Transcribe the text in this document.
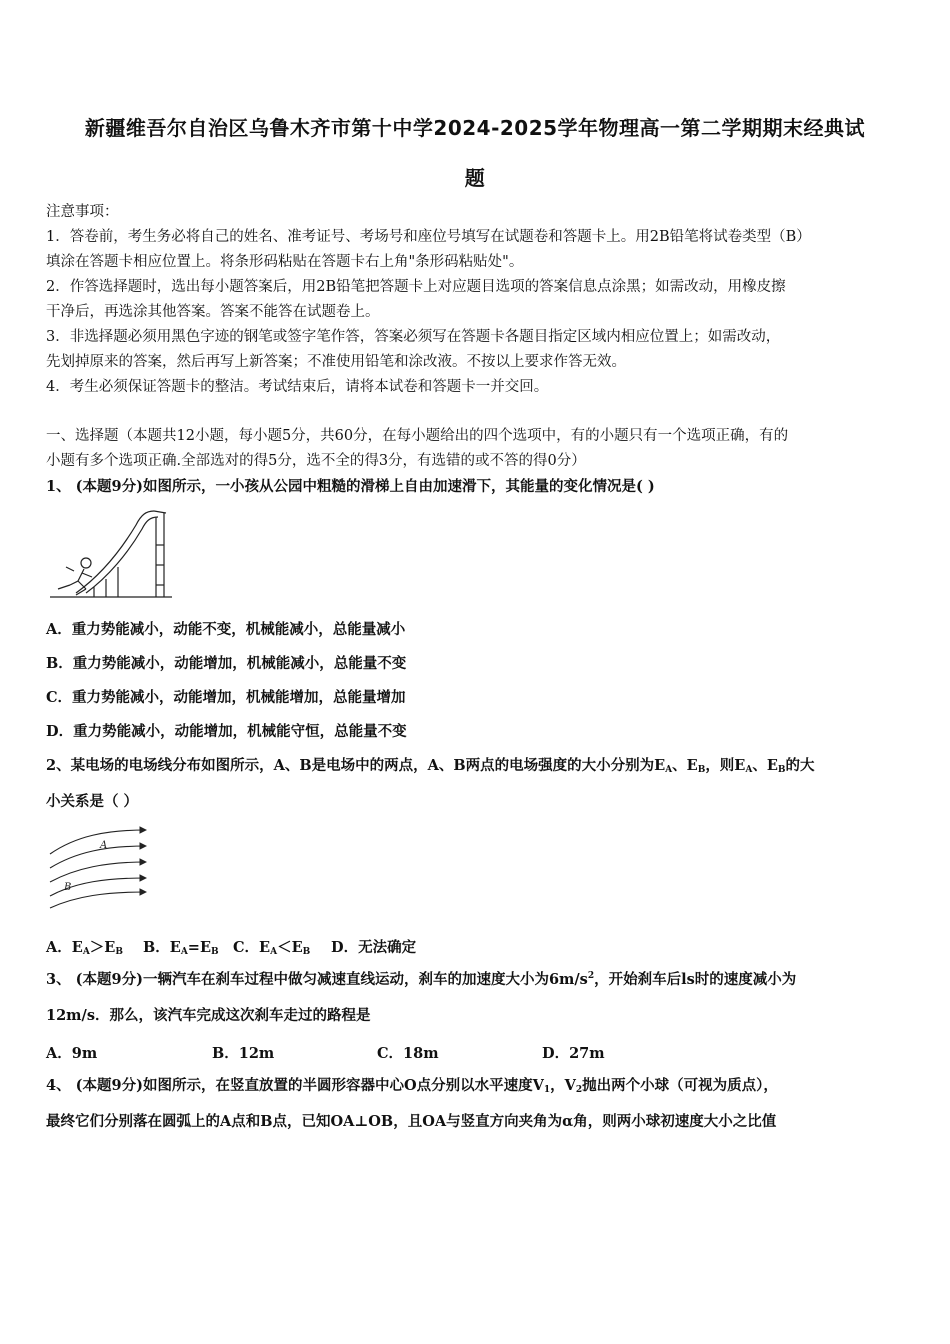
新疆维吾尔自治区乌鲁木齐市第十中学2024-2025学年物理高一第二学期期末经典试
题
注意事项：
1．答卷前，考生务必将自己的姓名、准考证号、考场号和座位号填写在试题卷和答题卡上。用2B铅笔将试卷类型（B）
填涂在答题卡相应位置上。将条形码粘贴在答题卡右上角"条形码粘贴处"。
2．作答选择题时，选出每小题答案后，用2B铅笔把答题卡上对应题目选项的答案信息点涂黑；如需改动，用橡皮擦
干净后，再选涂其他答案。答案不能答在试题卷上。
3．非选择题必须用黑色字迹的钢笔或签字笔作答，答案必须写在答题卡各题目指定区域内相应位置上；如需改动，
先划掉原来的答案，然后再写上新答案；不准使用铅笔和涂改液。不按以上要求作答无效。
4．考生必须保证答题卡的整洁。考试结束后，请将本试卷和答题卡一并交回。
一、选择题（本题共12小题，每小题5分，共60分，在每小题给出的四个选项中，有的小题只有一个选项正确，有的
小题有多个选项正确.全部选对的得5分，选不全的得3分，有选错的或不答的得0分）
1、 (本题9分)如图所示，一小孩从公园中粗糙的滑梯上自由加速滑下，其能量的变化情况是( )
A．重力势能减小，动能不变，机械能减小，总能量减小
B．重力势能减小，动能增加，机械能减小，总能量不变
C．重力势能减小，动能增加，机械能增加，总能量增加
D．重力势能减小，动能增加，机械能守恒，总能量不变
2、某电场的电场线分布如图所示，A、B是电场中的两点，A、B两点的电场强度的大小分别为$E_A$、$E_B$，则$E_A$、$E_B$的大
小关系是（ ）
A
B
A．$E_A>E_B$ B．$E_A=E_B$ C．$E_A<E_B$ D．无法确定
3、 (本题9分)一辆汽车在刹车过程中做匀减速直线运动，刹车的加速度大小为$6m/s^2$，开始刹车后ls时的速度减小为
12m/s．那么，该汽车完成这次刹车走过的路程是
A．9m	B．12m	C．18m	D．27m
4、 (本题9分)如图所示，在竖直放置的半圆形容器中心O点分别以水平速度$V_1$，$V_2$抛出两个小球（可视为质点），
最终它们分别落在圆弧上的A点和B点，已知OA⊥OB，且OA与竖直方向夹角为α角，则两小球初速度大小之比值
